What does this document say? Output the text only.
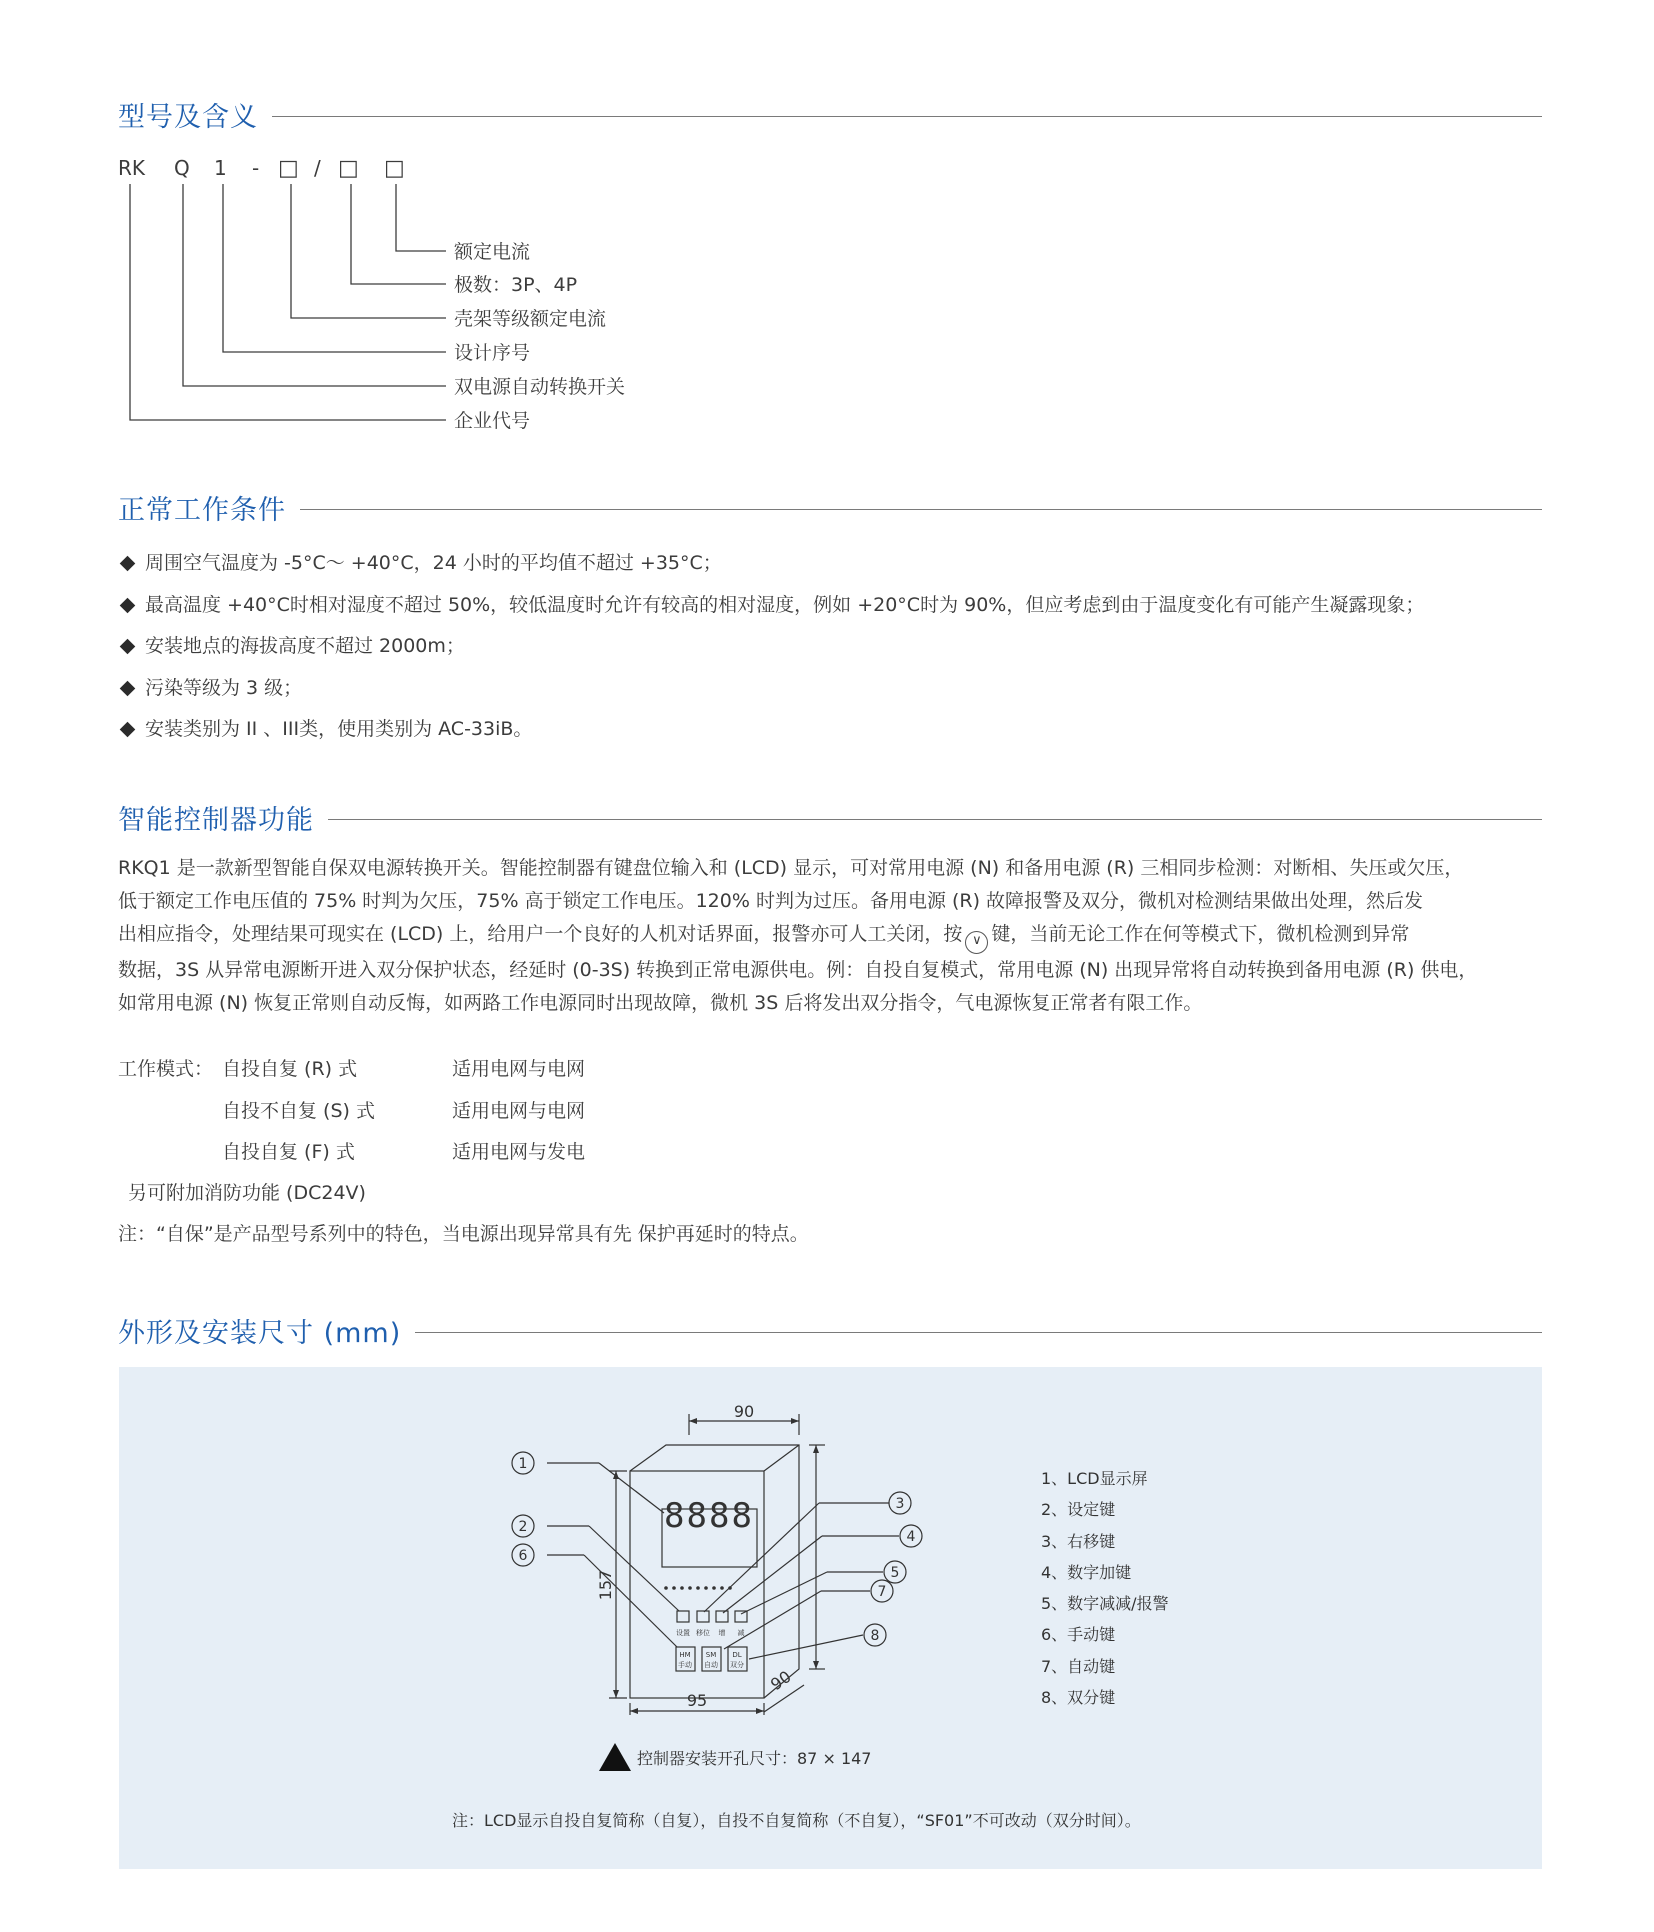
型号及含义
RK Q 1 - □ / □ □
额定电流
极数：3P、4P
壳架等级额定电流
设计序号
双电源自动转换开关
企业代号
正常工作条件
周围空气温度为 -5°C～ +40°C，24 小时的平均值不超过 +35°C；
最高温度 +40°C时相对湿度不超过 50%，较低温度时允许有较高的相对湿度，例如 +20°C时为 90%，但应考虑到由于温度变化有可能产生凝露现象；
安装地点的海拔高度不超过 2000m；
污染等级为 3 级；
安装类别为 II 、III类，使用类别为 AC-33iB。
智能控制器功能

RKQ1 是一款新型智能自保双电源转换开关。智能控制器有键盘位输入和 (LCD) 显示，可对常用电源 (N) 和备用电源 (R) 三相同步检测：对断相、失压或欠压，

低于额定工作电压值的 75% 时判为欠压，75% 高于锁定工作电压。120% 时判为过压。备用电源 (R) 故障报警及双分，微机对检测结果做出处理，然后发

出相应指令，处理结果可现实在 (LCD) 上，给用户一个良好的人机对话界面，报警亦可人工关闭，按 ∨ 键，当前无论工作在何等模式下，微机检测到异常

数据，3S 从异常电源断开进入双分保护状态，经延时 (0-3S) 转换到正常电源供电。例：自投自复模式，常用电源 (N) 出现异常将自动转换到备用电源 (R) 供电，

如常用电源 (N) 恢复正常则自动反悔，如两路工作电源同时出现故障，微机 3S 后将发出双分指令，气电源恢复正常者有限工作。

工作模式： 自投自复 (R) 式	适用电网与电网
自投不自复 (S) 式	适用电网与电网
自投自复 (F) 式	适用电网与发电
另可附加消防功能 (DC24V)
注：“自保”是产品型号系列中的特色，当电源出现异常具有先 保护再延时的特点。
外形及安装尺寸 (mm)
8888
90
95
157
90
设置 移位 增 减
HM
手动
SM
自动
DL
双分
1
2
3
4
5
6
7
8
1、LCD显示屏
2、设定键
3、右移键
4、数字加键
5、数字减减/报警
6、手动键
7、自动键
8、双分键
控制器安装开孔尺寸：87 × 147
注：LCD显示自投自复简称（自复），自投不自复简称（不自复），“SF01”不可改动（双分时间）。
